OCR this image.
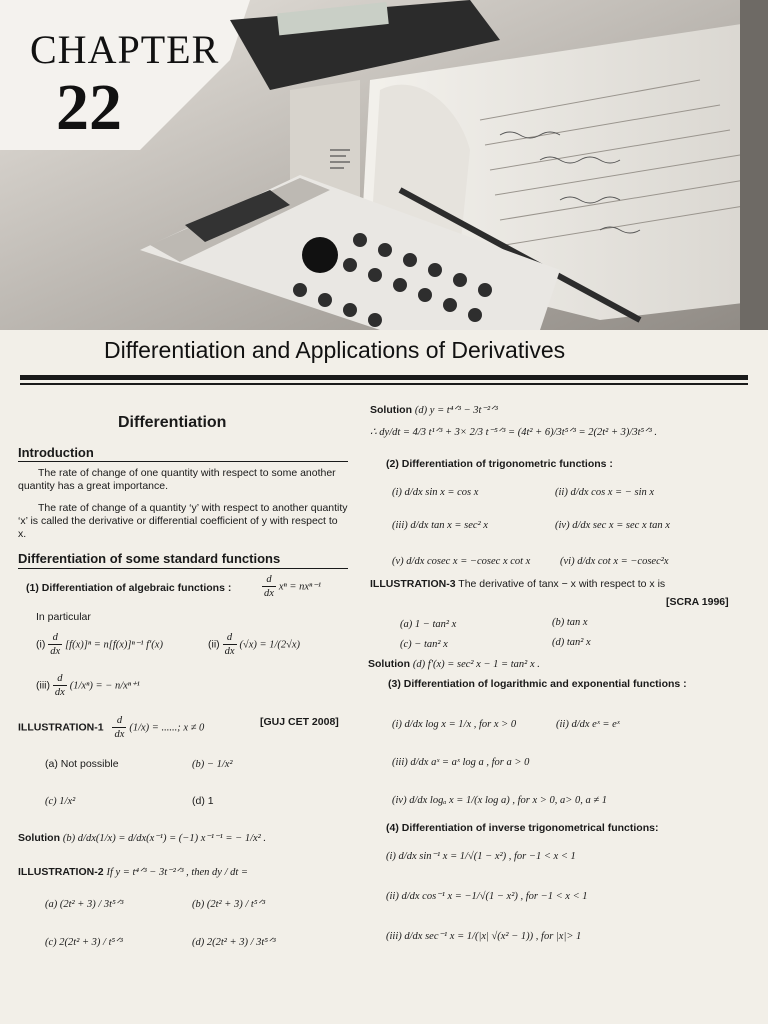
CHAPTER
22
Differentiation and Applications of Derivatives
Differentiation
Introduction
The rate of change of one quantity with respect to some another quantity has a great importance.
The rate of change of a quantity ‘y’ with respect to another quantity ‘x’ is called the derivative or differential coefficient of y with respect to x.
Differentiation of some standard functions
(1) Differentiation of algebraic functions :	$\frac{d}{dx}$ xⁿ = nxⁿ⁻¹
In particular
$(i) \frac{d}{dx} [f(x)]^n = n[f(x)]^{n-1}$ f′(x)	$(ii) \frac{d}{dx} (√x) = 1/(2√x)$
$(iii) \frac{d}{dx} (1/x^n)$ = − n/xⁿ⁺¹
ILLUSTRATION-1 $\frac{d}{dx} (1/x)$ = ......; x ≠ 0	[GUJ CET 2008]
(a) Not possible	(b) − 1/x²
(c) 1/x²	(d) 1
Solution (b) d/dx(1/x) = d/dx(x⁻¹) = (−1) x⁻¹⁻¹ = − 1/x² .
ILLUSTRATION-2 If y = t⁴ᐟ³ − 3t⁻²ᐟ³ , then dy / dt =
(a) (2t² + 3) / 3t⁵ᐟ³	(b) (2t² + 3) / t⁵ᐟ³
(c) 2(2t² + 3) / t⁵ᐟ³	(d) 2(2t² + 3) / 3t⁵ᐟ³
Solution (d) y = t⁴ᐟ³ − 3t⁻²ᐟ³
∴ dy/dt = 4/3 t¹ᐟ³ + 3× 2/3 t⁻⁵ᐟ³ = (4t² + 6)/3t⁵ᐟ³ = 2(2t² + 3)/3t⁵ᐟ³ .
(2) Differentiation of trigonometric functions :
(i) d/dx sin x = cos x	(ii) d/dx cos x = − sin x
(iii) d/dx tan x = sec² x	(iv) d/dx sec x = sec x tan x
(v) d/dx cosec x = −cosec x cot x	(vi) d/dx cot x = −cosec²x
ILLUSTRATION-3 The derivative of tanx − x with respect to x is
[SCRA 1996]
(a) 1 − tan² x	(b) tan x
(c) − tan² x	(d) tan² x
Solution (d) f′(x) = sec² x − 1 = tan² x .
(3) Differentiation of logarithmic and exponential functions :
(i) d/dx log x = 1/x , for x > 0	(ii) d/dx eˣ = eˣ
(iii) d/dx aˣ = aˣ log a , for a > 0
(iv) d/dx logₐ x = 1/(x log a) , for x > 0, a> 0, a ≠ 1
(4) Differentiation of inverse trigonometrical functions:
(i) d/dx sin⁻¹ x = 1/√(1 − x²) , for −1 < x < 1
(ii) d/dx cos⁻¹ x = −1/√(1 − x²) , for −1 < x < 1
(iii) d/dx sec⁻¹ x = 1/(|x| √(x² − 1)) , for |x|> 1
